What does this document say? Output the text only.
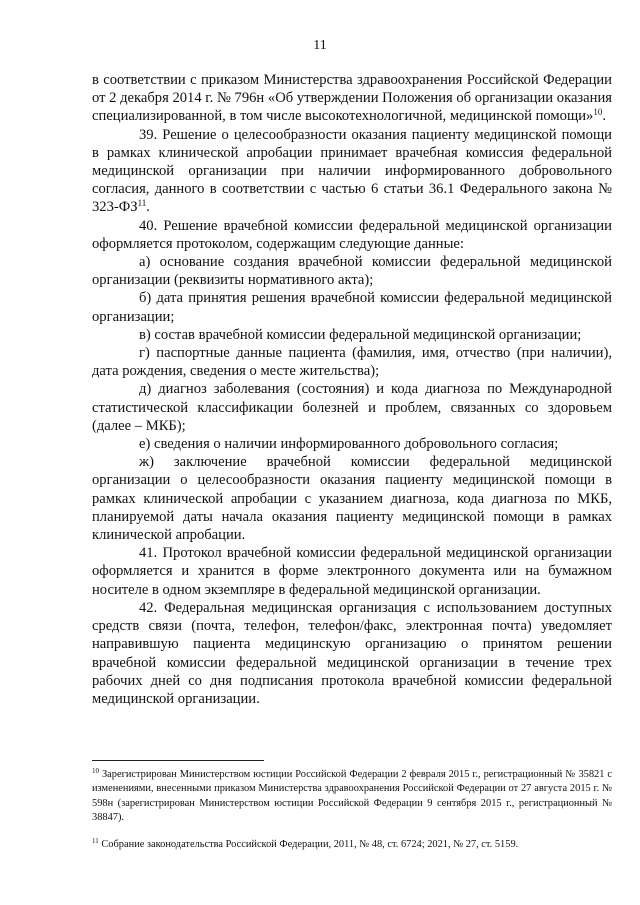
11

в соответствии с приказом Министерства здравоохранения Российской Федерации от 2 декабря 2014 г. № 796н «Об утверждении Положения об организации оказания специализированной, в том числе высокотехнологичной, медицинской помощи»$^{10}$.

39. Решение о целесообразности оказания пациенту медицинской помощи в рамках клинической апробации принимает врачебная комиссия федеральной медицинской организации при наличии информированного добровольного согласия, данного в соответствии с частью 6 статьи 36.1 Федерального закона № 323-ФЗ$^{11}$.

40. Решение врачебной комиссии федеральной медицинской организации оформляется протоколом, содержащим следующие данные:

а) основание создания врачебной комиссии федеральной медицинской организации (реквизиты нормативного акта);

б) дата принятия решения врачебной комиссии федеральной медицинской организации;

в) состав врачебной комиссии федеральной медицинской организации;

г) паспортные данные пациента (фамилия, имя, отчество (при наличии), дата рождения, сведения о месте жительства);

д) диагноз заболевания (состояния) и кода диагноза по Международной статистической классификации болезней и проблем, связанных со здоровьем (далее – МКБ);

е) сведения о наличии информированного добровольного согласия;

ж) заключение врачебной комиссии федеральной медицинской организации о целесообразности оказания пациенту медицинской помощи в рамках клинической апробации с указанием диагноза, кода диагноза по МКБ, планируемой даты начала оказания пациенту медицинской помощи в рамках клинической апробации.

41. Протокол врачебной комиссии федеральной медицинской организации оформляется и хранится в форме электронного документа или на бумажном носителе в одном экземпляре в федеральной медицинской организации.

42. Федеральная медицинская организация с использованием доступных средств связи (почта, телефон, телефон/факс, электронная почта) уведомляет направившую пациента медицинскую организацию о принятом решении врачебной комиссии федеральной медицинской организации в течение трех рабочих дней со дня подписания протокола врачебной комиссии федеральной медицинской организации.

$^{10}$ Зарегистрирован Министерством юстиции Российской Федерации 2 февраля 2015 г., регистрационный № 35821 с изменениями, внесенными приказом Министерства здравоохранения Российской Федерации от 27 августа 2015 г. № 598н (зарегистрирован Министерством юстиции Российской Федерации 9 сентября 2015 г., регистрационный № 38847).
$^{11}$ Собрание законодательства Российской Федерации, 2011, № 48, ст. 6724; 2021, № 27, ст. 5159.
